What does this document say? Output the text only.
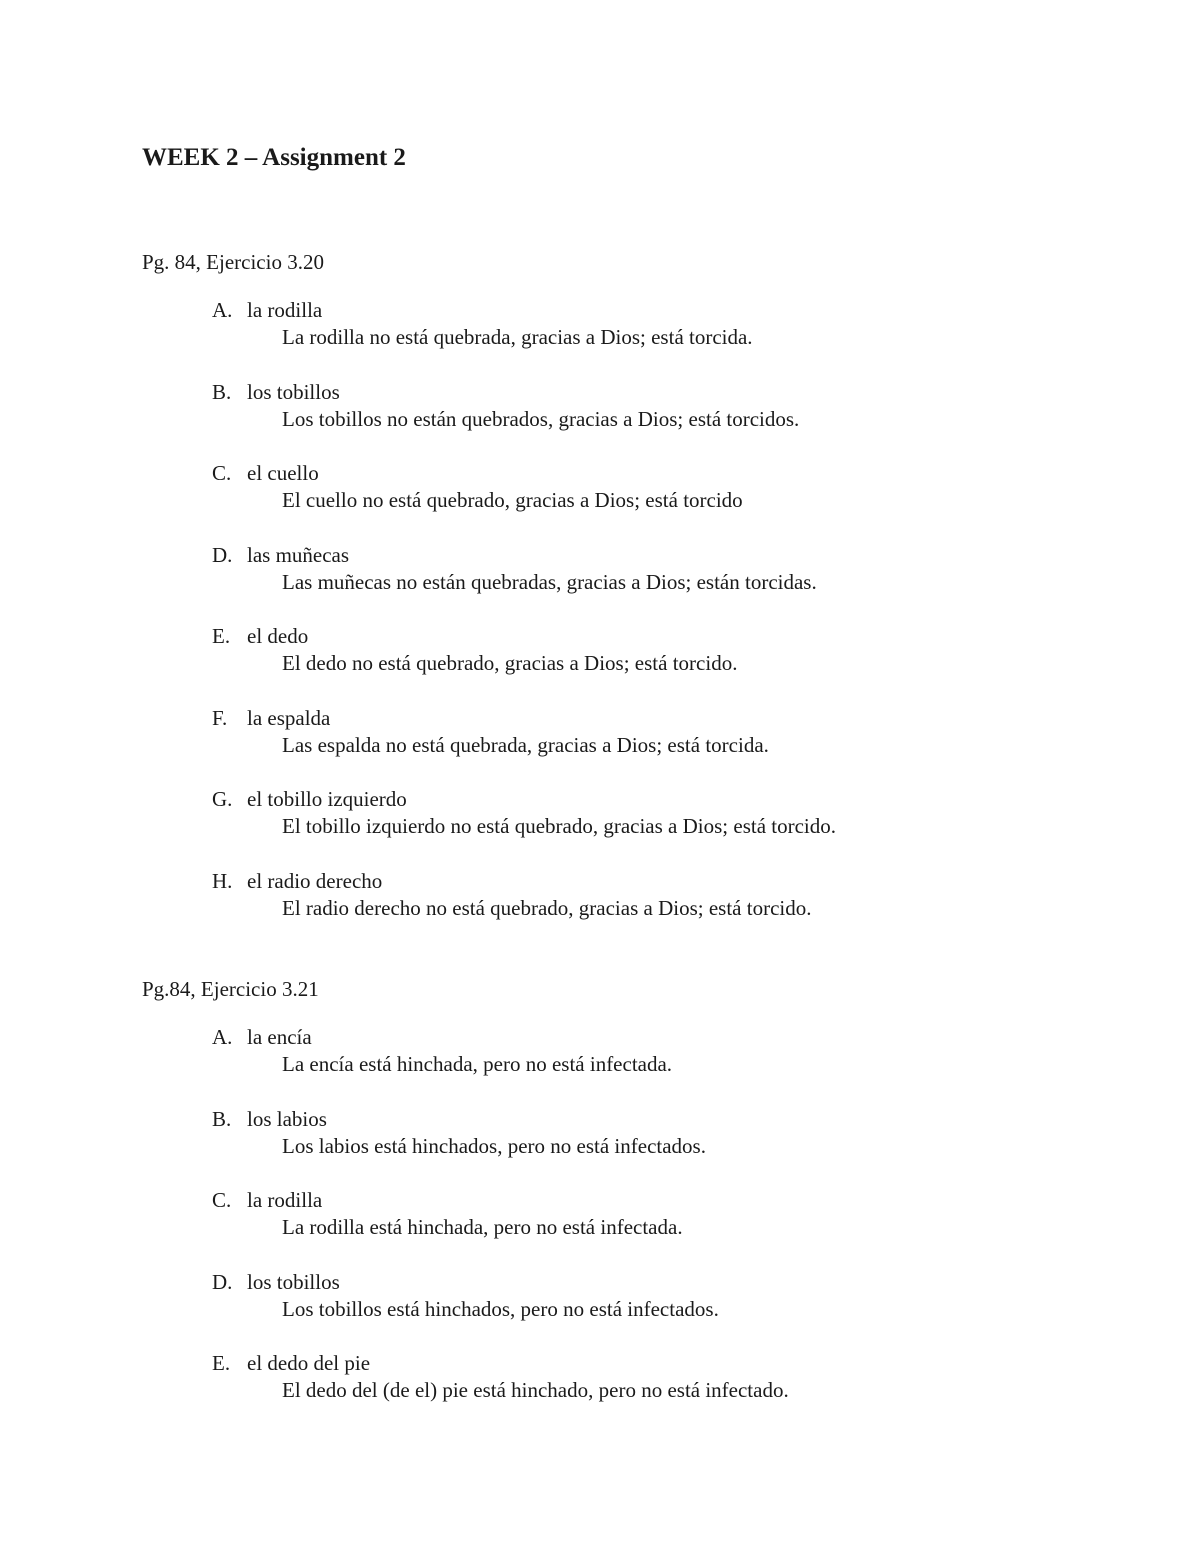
WEEK 2 – Assignment 2

Pg. 84, Ejercicio 3.20

A. la rodilla
La rodilla no está quebrada, gracias a Dios; está torcida.
B. los tobillos
Los tobillos no están quebrados, gracias a Dios; está torcidos.
C. el cuello
El cuello no está quebrado, gracias a Dios; está torcido
D. las muñecas
Las muñecas no están quebradas, gracias a Dios; están torcidas.
E. el dedo
El dedo no está quebrado, gracias a Dios; está torcido.
F. la espalda
Las espalda no está quebrada, gracias a Dios; está torcida.
G. el tobillo izquierdo
El tobillo izquierdo no está quebrado, gracias a Dios; está torcido.
H. el radio derecho
El radio derecho no está quebrado, gracias a Dios; está torcido.

Pg.84, Ejercicio 3.21

A. la encía
La encía está hinchada, pero no está infectada.
B. los labios
Los labios está hinchados, pero no está infectados.
C. la rodilla
La rodilla está hinchada, pero no está infectada.
D. los tobillos
Los tobillos está hinchados, pero no está infectados.
E. el dedo del pie
El dedo del (de el) pie está hinchado, pero no está infectado.
